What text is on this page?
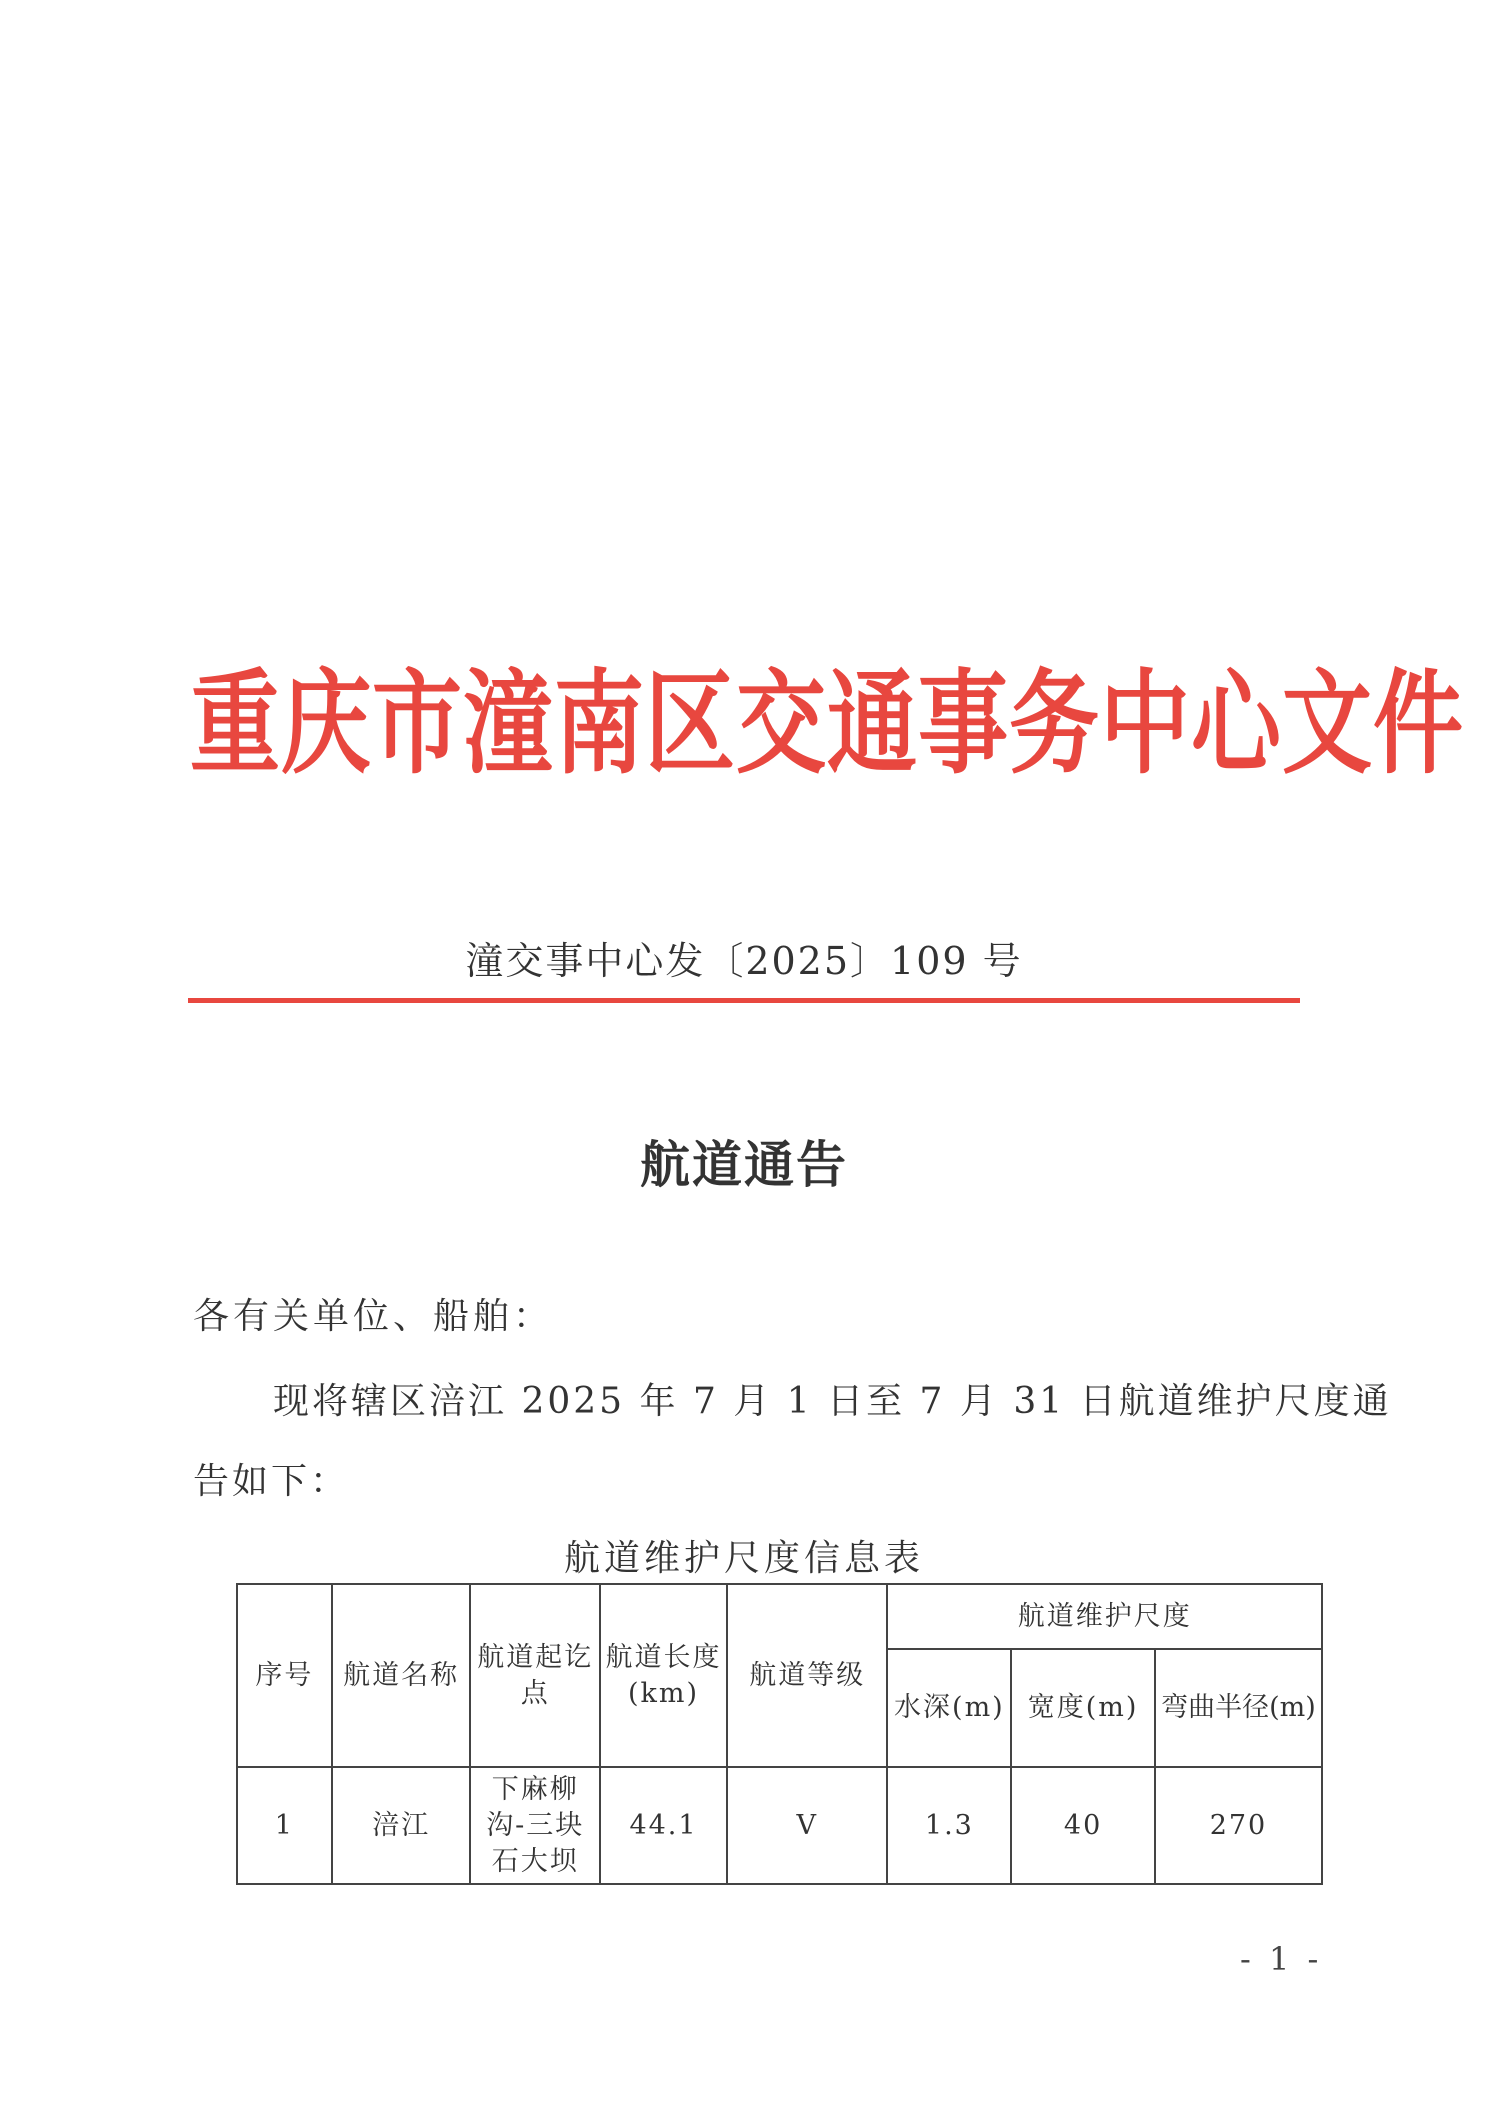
重庆市潼南区交通事务中心文件
潼交事中心发〔2025〕109 号
航道通告
各有关单位、船舶：
现将辖区涪江 2025 年 7 月 1 日至 7 月 31 日航道维护尺度通
告如下：
航道维护尺度信息表
序号	航道名称	航道起讫点	航道长度(km)	航道等级	航道维护尺度		
					水深(m)	宽度(m)	弯曲半径(m)
1	涪江	下麻柳沟-三块石大坝	44.1	V	1.3	40	270
- 1 -
